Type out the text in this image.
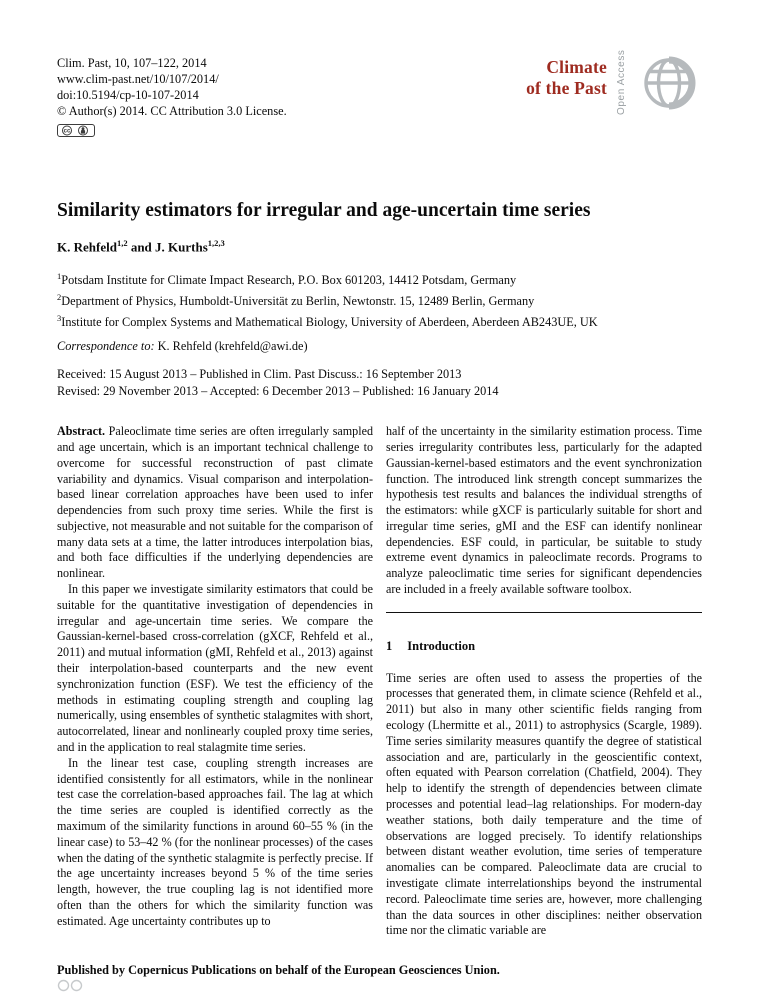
Clim. Past, 10, 107–122, 2014
www.clim-past.net/10/107/2014/
doi:10.5194/cp-10-107-2014
© Author(s) 2014. CC Attribution 3.0 License.
cc
Climate
of the Past Open Access
Similarity estimators for irregular and age-uncertain time series
K. Rehfeld$^{1,2}$ and J. Kurths$^{1,2,3}$
$^1$Potsdam Institute for Climate Impact Research, P.O. Box 601203, 14412 Potsdam, Germany
$^2$Department of Physics, Humboldt-Universität zu Berlin, Newtonstr. 15, 12489 Berlin, Germany
$^3$Institute for Complex Systems and Mathematical Biology, University of Aberdeen, Aberdeen AB243UE, UK
Correspondence to: K. Rehfeld (krehfeld@awi.de)
Received: 15 August 2013 – Published in Clim. Past Discuss.: 16 September 2013
Revised: 29 November 2013 – Accepted: 6 December 2013 – Published: 16 January 2014

Abstract. Paleoclimate time series are often irregularly sampled and age uncertain, which is an important technical challenge to overcome for successful reconstruction of past climate variability and dynamics. Visual comparison and interpolation-based linear correlation approaches have been used to infer dependencies from such proxy time series. While the first is subjective, not measurable and not suitable for the comparison of many data sets at a time, the latter introduces interpolation bias, and both face difficulties if the underlying dependencies are nonlinear.

In this paper we investigate similarity estimators that could be suitable for the quantitative investigation of dependencies in irregular and age-uncertain time series. We compare the Gaussian-kernel-based cross-correlation (gXCF, Rehfeld et al., 2011) and mutual information (gMI, Rehfeld et al., 2013) against their interpolation-based counterparts and the new event synchronization function (ESF). We test the efficiency of the methods in estimating coupling strength and coupling lag numerically, using ensembles of synthetic stalagmites with short, autocorrelated, linear and nonlinearly coupled proxy time series, and in the application to real stalagmite time series.

In the linear test case, coupling strength increases are identified consistently for all estimators, while in the nonlinear test case the correlation-based approaches fail. The lag at which the time series are coupled is identified correctly as the maximum of the similarity functions in around 60–55 % (in the linear case) to 53–42 % (for the nonlinear processes) of the cases when the dating of the synthetic stalagmite is perfectly precise. If the age uncertainty increases beyond 5 % of the time series length, however, the true coupling lag is not identified more often than the others for which the similarity function was estimated. Age uncertainty contributes up to

half of the uncertainty in the similarity estimation process. Time series irregularity contributes less, particularly for the adapted Gaussian-kernel-based estimators and the event synchronization function. The introduced link strength concept summarizes the hypothesis test results and balances the individual strengths of the estimators: while gXCF is particularly suitable for short and irregular time series, gMI and the ESF can identify nonlinear dependencies. ESF could, in particular, be suitable to study extreme event dynamics in paleoclimate records. Programs to analyze paleoclimatic time series for significant dependencies are included in a freely available software toolbox.

1 Introduction

Time series are often used to assess the properties of the processes that generated them, in climate science (Rehfeld et al., 2011) but also in many other scientific fields ranging from ecology (Lhermitte et al., 2011) to astrophysics (Scargle, 1989). Time series similarity measures quantify the degree of statistical association and are, particularly in the geoscientific context, often equated with Pearson correlation (Chatfield, 2004). They help to identify the strength of dependencies between climate processes and potential lead–lag relationships. For modern-day weather stations, both daily temperature and the time of observations are logged precisely. To identify relationships between distant weather evolution, time series of temperature anomalies can be compared. Paleoclimate data are crucial to investigate climate interrelationships beyond the instrumental record. Paleoclimate time series are, however, more challenging than the data sources in other disciplines: neither observation time nor the climatic variable are

Published by Copernicus Publications on behalf of the European Geosciences Union.
